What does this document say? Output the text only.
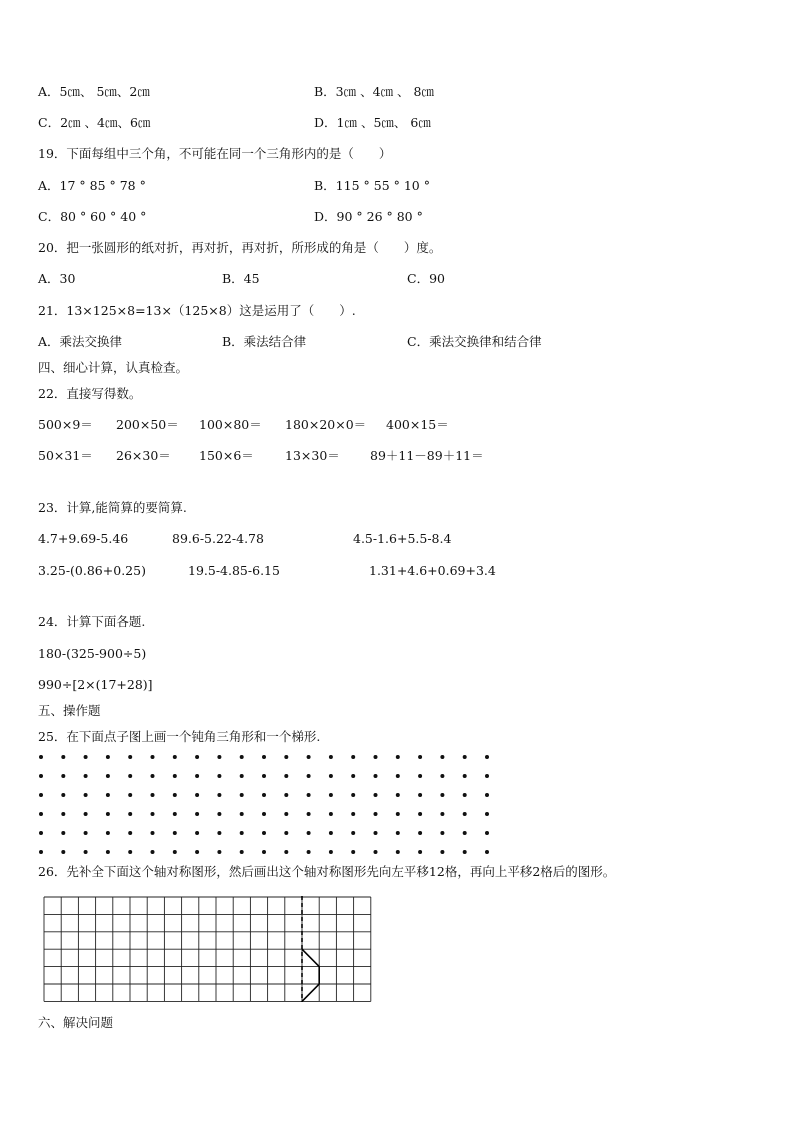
A．5㎝、 5㎝、2㎝	B．3㎝ 、4㎝ 、 8㎝
C．2㎝ 、4㎝、6㎝	D．1㎝ 、5㎝、 6㎝
19．下面每组中三个角，不可能在同一个三角形内的是（　　）
A．17 ° 85 ° 78 °	B．115 ° 55 ° 10 °
C．80 ° 60 ° 40 °	D．90 ° 26 ° 80 °
20．把一张圆形的纸对折，再对折，再对折，所形成的角是（　　）度。
A．30	B．45	C．90
21．13×125×8=13×（125×8）这是运用了（　　）.
A．乘法交换律	B．乘法结合律	C．乘法交换律和结合律
四、细心计算，认真检查。
22．直接写得数。
500×9＝ 200×50＝ 100×80＝ 180×20×0＝ 400×15＝
50×31＝ 26×30＝ 150×6＝ 13×30＝ 89＋11－89＋11＝
23．计算,能简算的要简算.
4.7+9.69-5.46	89.6-5.22-4.78	4.5-1.6+5.5-8.4
3.25-(0.86+0.25)	19.5-4.85-6.15	1.31+4.6+0.69+3.4
24．计算下面各题.
180-(325-900÷5)
990÷[2×(17+28)]
五、操作题
25．在下面点子图上画一个钝角三角形和一个梯形.
26．先补全下面这个轴对称图形，然后画出这个轴对称图形先向左平移12格，再向上平移2格后的图形。
六、解决问题
